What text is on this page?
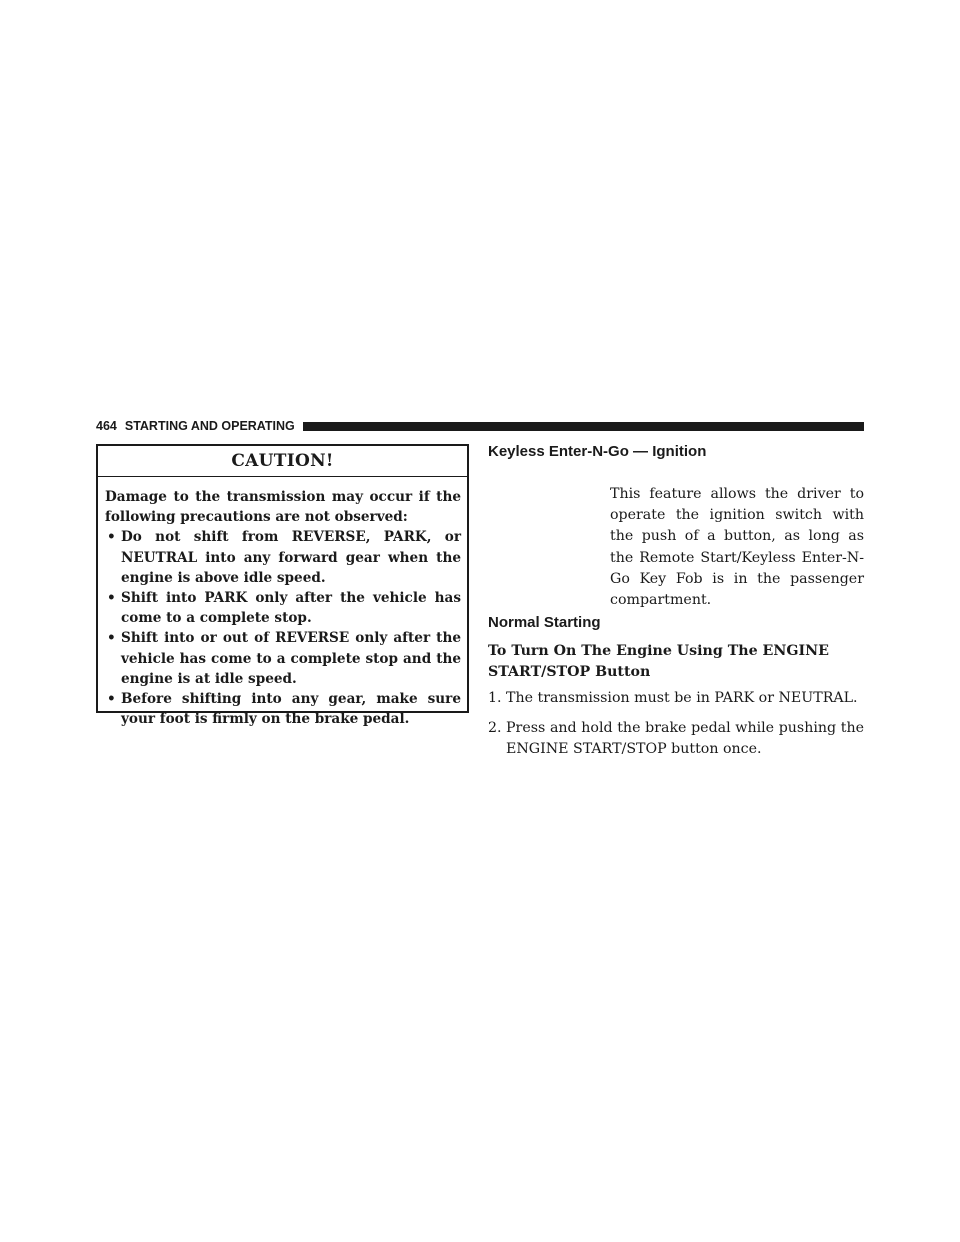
464 STARTING AND OPERATING
CAUTION!
Damage to the transmission may occur if the following precautions are not observed:
• Do not shift from REVERSE, PARK, or NEUTRAL into any forward gear when the engine is above idle speed.
• Shift into PARK only after the vehicle has come to a complete stop.
• Shift into or out of REVERSE only after the vehicle has come to a complete stop and the engine is at idle speed.
• Before shifting into any gear, make sure your foot is firmly on the brake pedal.
Keyless Enter-N-Go — Ignition
This feature allows the driver to operate the ignition switch with the push of a button, as long as the Remote Start/Keyless Enter-N-Go Key Fob is in the passenger compartment.
Normal Starting
To Turn On The Engine Using The ENGINE START/STOP Button
1. The transmission must be in PARK or NEUTRAL.
2. Press and hold the brake pedal while pushing the ENGINE START/STOP button once.
